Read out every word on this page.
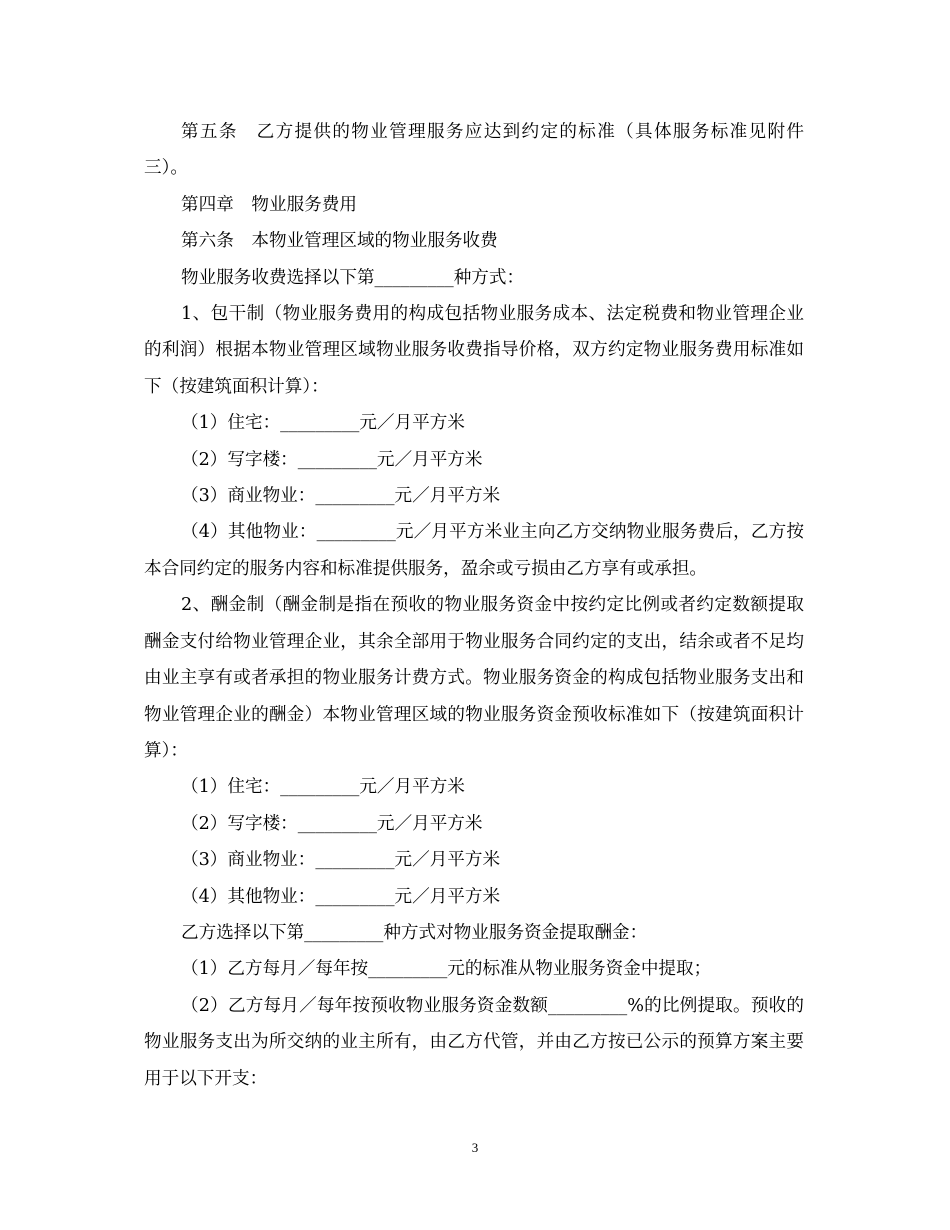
第五条　乙方提供的物业管理服务应达到约定的标准（具体服务标准见附件三）。

第四章　物业服务费用

第六条　本物业管理区域的物业服务收费

物业服务收费选择以下第_________种方式：

1、包干制（物业服务费用的构成包括物业服务成本、法定税费和物业管理企业的利润）根据本物业管理区域物业服务收费指导价格，双方约定物业服务费用标准如下（按建筑面积计算）：

（1）住宅：_________元／月平方米

（2）写字楼：_________元／月平方米

（3）商业物业：_________元／月平方米

（4）其他物业：_________元／月平方米业主向乙方交纳物业服务费后，乙方按本合同约定的服务内容和标准提供服务，盈余或亏损由乙方享有或承担。

2、酬金制（酬金制是指在预收的物业服务资金中按约定比例或者约定数额提取酬金支付给物业管理企业，其余全部用于物业服务合同约定的支出，结余或者不足均由业主享有或者承担的物业服务计费方式。物业服务资金的构成包括物业服务支出和物业管理企业的酬金）本物业管理区域的物业服务资金预收标准如下（按建筑面积计算）：

（1）住宅：_________元／月平方米

（2）写字楼：_________元／月平方米

（3）商业物业：_________元／月平方米

（4）其他物业：_________元／月平方米

乙方选择以下第_________种方式对物业服务资金提取酬金：

（1）乙方每月／每年按_________元的标准从物业服务资金中提取；

（2）乙方每月／每年按预收物业服务资金数额_________%的比例提取。预收的物业服务支出为所交纳的业主所有，由乙方代管，并由乙方按已公示的预算方案主要用于以下开支：

3
